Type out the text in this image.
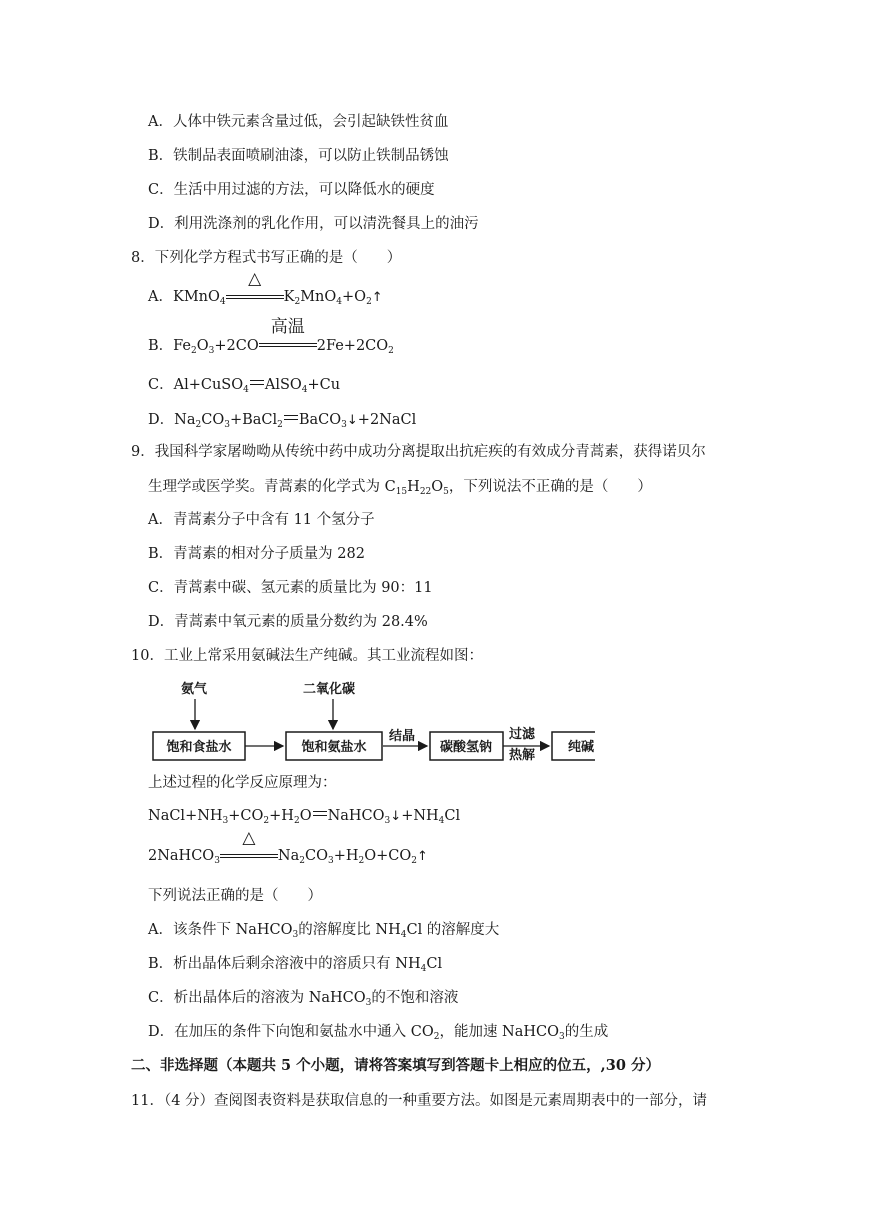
A．人体中铁元素含量过低，会引起缺铁性贫血
B．铁制品表面喷刷油漆，可以防止铁制品锈蚀
C．生活中用过滤的方法，可以降低水的硬度
D．利用洗涤剂的乳化作用，可以清洗餐具上的油污
8．下列化学方程式书写正确的是（　　）
A．KMnO$_4$
△
$K_2MnO_4+O_2↑$
B．$Fe_2O_3+2CO$
高温
$2Fe+2CO_2$
C．Al+CuSO$_4$ AlSO$_4$+Cu
D．$Na_2CO_3+BaCl_2$ BaCO$_3$↓+2NaCl
9．我国科学家屠呦呦从传统中药中成功分离提取出抗疟疾的有效成分青蒿素，获得诺贝尔
生理学或医学奖。青蒿素的化学式为 $C_{15}H_{22}O_5$，下列说法不正确的是（　　）
A．青蒿素分子中含有 11 个氢分子
B．青蒿素的相对分子质量为 282
C．青蒿素中碳、氢元素的质量比为 90：11
D．青蒿素中氧元素的质量分数约为 28.4%
10．工业上常采用氨碱法生产纯碱。其工业流程如图：
氨气	二氧化碳
饱和食盐水	饱和氨盐水
结晶
碳酸氢钠
过滤
热解
纯碱
上述过程的化学反应原理为：
$NaCl+NH_3+CO_2+H_2O$ $NaHCO_3↓+NH_4Cl$
2NaHCO$_3$
△
$Na_2CO_3+H_2O+CO_2↑$
下列说法正确的是（　　）
A．该条件下 NaHCO$_3$的溶解度比 $NH_4Cl$ 的溶解度大
B．析出晶体后剩余溶液中的溶质只有 $NH_4Cl$
C．析出晶体后的溶液为 NaHCO$_3$的不饱和溶液
D．在加压的条件下向饱和氨盐水中通入 $CO_2$，能加速 NaHCO$_3$的生成
二、非选择题（本题共 5 个小题，请将答案填写到答题卡上相应的位五，,30 分）
11．（4 分）查阅图表资料是获取信息的一种重要方法。如图是元素周期表中的一部分，请
